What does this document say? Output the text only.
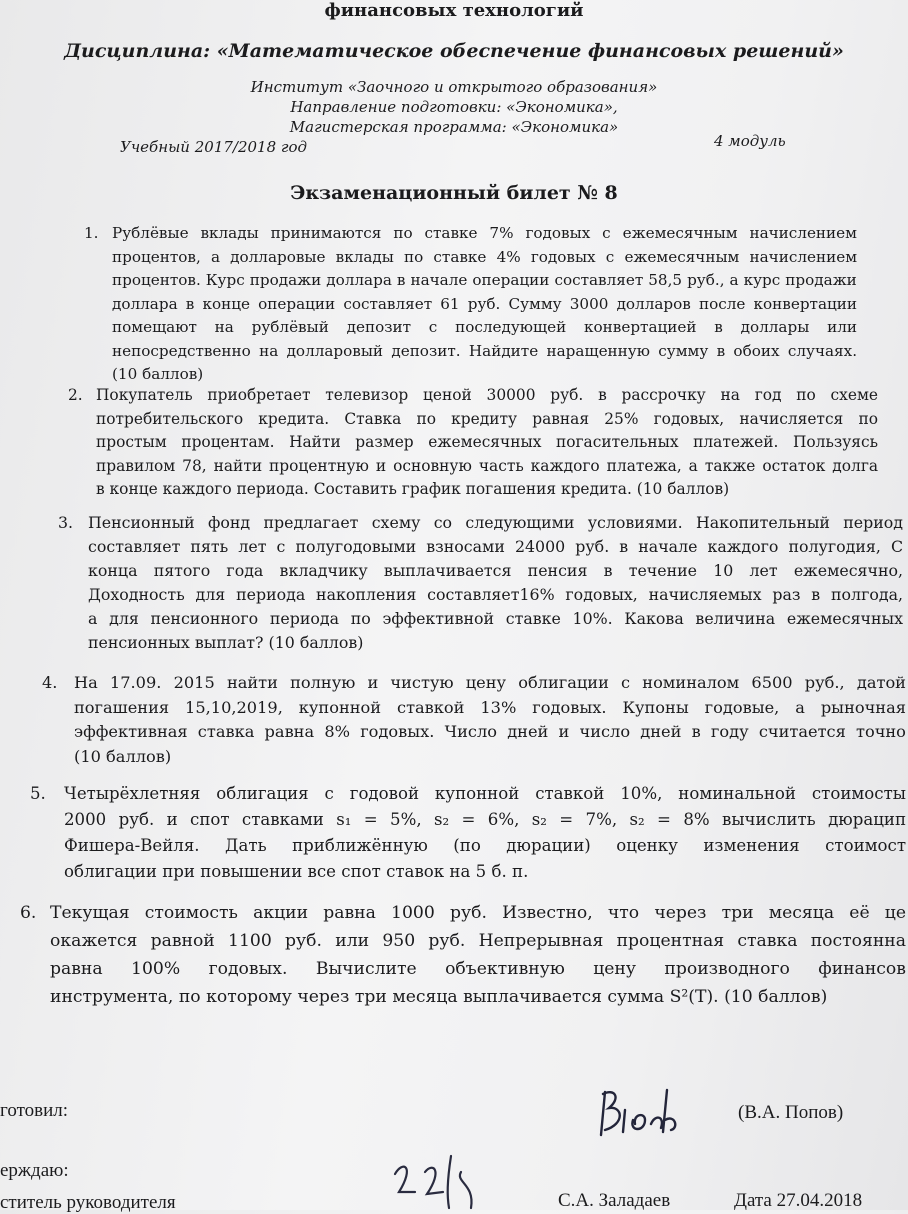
финансовых технологий
Дисциплина: «Математическое обеспечение финансовых решений»
Институт «Заочного и открытого образования»
Направление подготовки: «Экономика»,
Магистерская программа: «Экономика»
Учебный 2017/2018 год	4 модуль
Экзаменационный билет № 8
1. Рублёвые вклады принимаются по ставке 7% годовых с ежемесячным начислением
процентов, а долларовые вклады по ставке 4% годовых с ежемесячным начислением
процентов. Курс продажи доллара в начале операции составляет 58,5 руб., а курс продажи
доллара в конце операции составляет 61 руб. Сумму 3000 долларов после конвертации
помещают на рублёвый депозит с последующей конвертацией в доллары или
непосредственно на долларовый депозит. Найдите наращенную сумму в обоих случаях.
(10 баллов)
2. Покупатель приобретает телевизор ценой 30000 руб. в рассрочку на год по схеме
потребительского кредита. Ставка по кредиту равная 25% годовых, начисляется по
простым процентам. Найти размер ежемесячных погасительных платежей. Пользуясь
правилом 78, найти процентную и основную часть каждого платежа, а также остаток долга
в конце каждого периода. Составить график погашения кредита. (10 баллов)
3. Пенсионный фонд предлагает схему со следующими условиями. Накопительный период
составляет пять лет с полугодовыми взносами 24000 руб. в начале каждого полугодия, С
конца пятого года вкладчику выплачивается пенсия в течение 10 лет ежемесячно,
Доходность для периода накопления составляет16% годовых, начисляемых раз в полгода,
а для пенсионного периода по эффективной ставке 10%. Какова величина ежемесячных
пенсионных выплат? (10 баллов)
4. На 17.09. 2015 найти полную и чистую цену облигации с номиналом 6500 руб., датой
погашения 15,10,2019, купонной ставкой 13% годовых. Купоны годовые, а рыночная
эффективная ставка равна 8% годовых. Число дней и число дней в году считается точно
(10 баллов)
5. Четырёхлетняя облигация с годовой купонной ставкой 10%, номинальной стоимосты
2000 руб. и спот ставками s₁ = 5%, s₂ = 6%, s₂ = 7%, s₂ = 8% вычислить дюрацип
Фишера-Вейля. Дать приближённую (по дюрации) оценку изменения стоимост
облигации при повышении все спот ставок на 5 б. п.
6. Текущая стоимость акции равна 1000 руб. Известно, что через три месяца её це
окажется равной 1100 руб. или 950 руб. Непрерывная процентная ставка постоянна
равна 100% годовых. Вычислите объективную цену производного финансов
инструмента, по которому через три месяца выплачивается сумма S²(T). (10 баллов)
готовил:	(В.А. Попов)
ерждаю:
ститель руководителя	С.А. Заладаев	Дата 27.04.2018
